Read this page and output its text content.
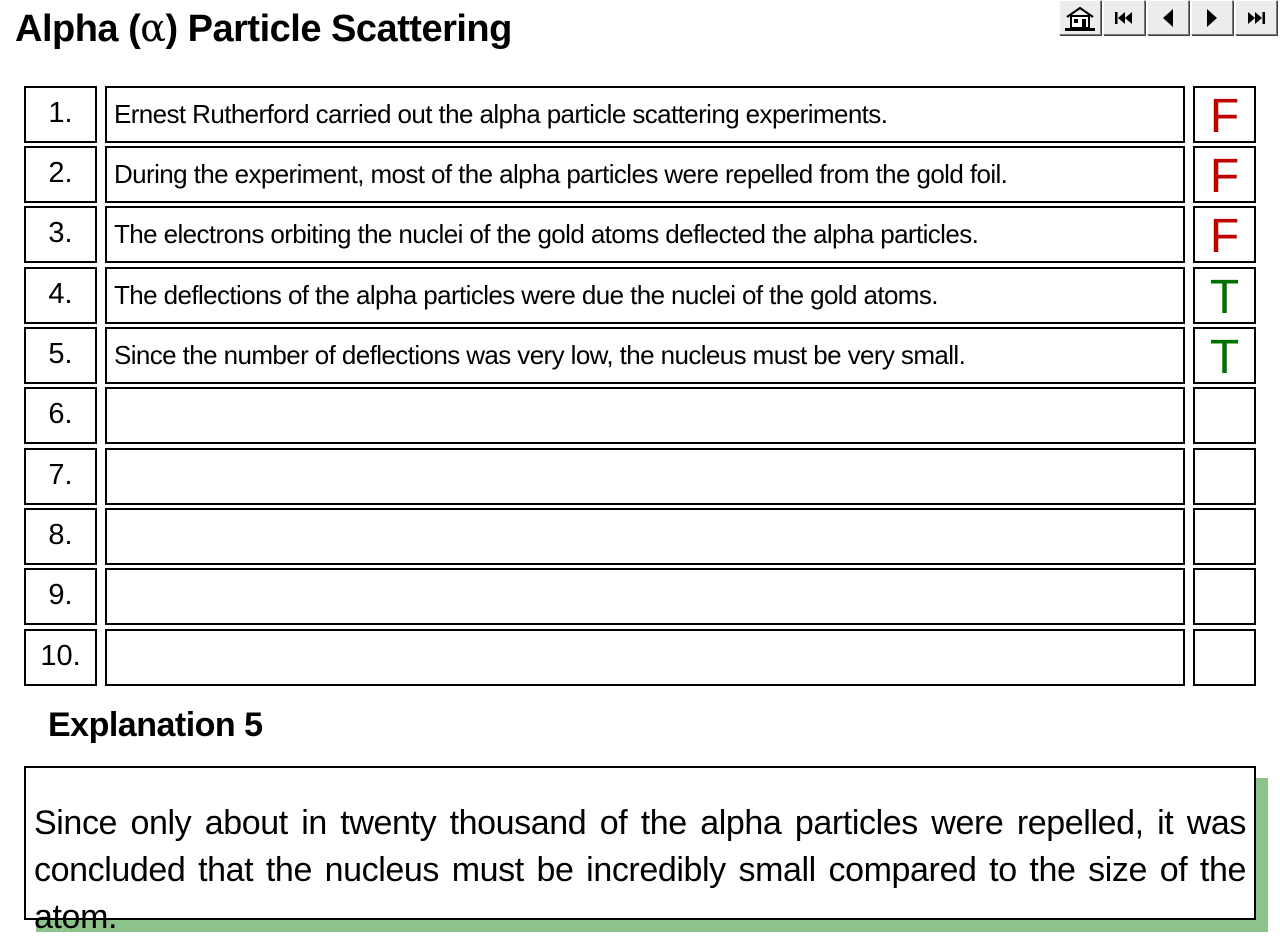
Alpha (α) Particle Scattering
1.	Ernest Rutherford carried out the alpha particle scattering experiments.	F
2.	During the experiment, most of the alpha particles were repelled from the gold foil.	F
3.	The electrons orbiting the nuclei of the gold atoms deflected the alpha particles.	F
4.	The deflections of the alpha particles were due the nuclei of the gold atoms.	T
5.	Since the number of deflections was very low, the nucleus must be very small.	T
6.
7.
8.
9.
10.
Explanation 5
Since only about in twenty thousand of the alpha particles were repelled, it was concluded that the nucleus must be incredibly small compared to the size of the atom.
